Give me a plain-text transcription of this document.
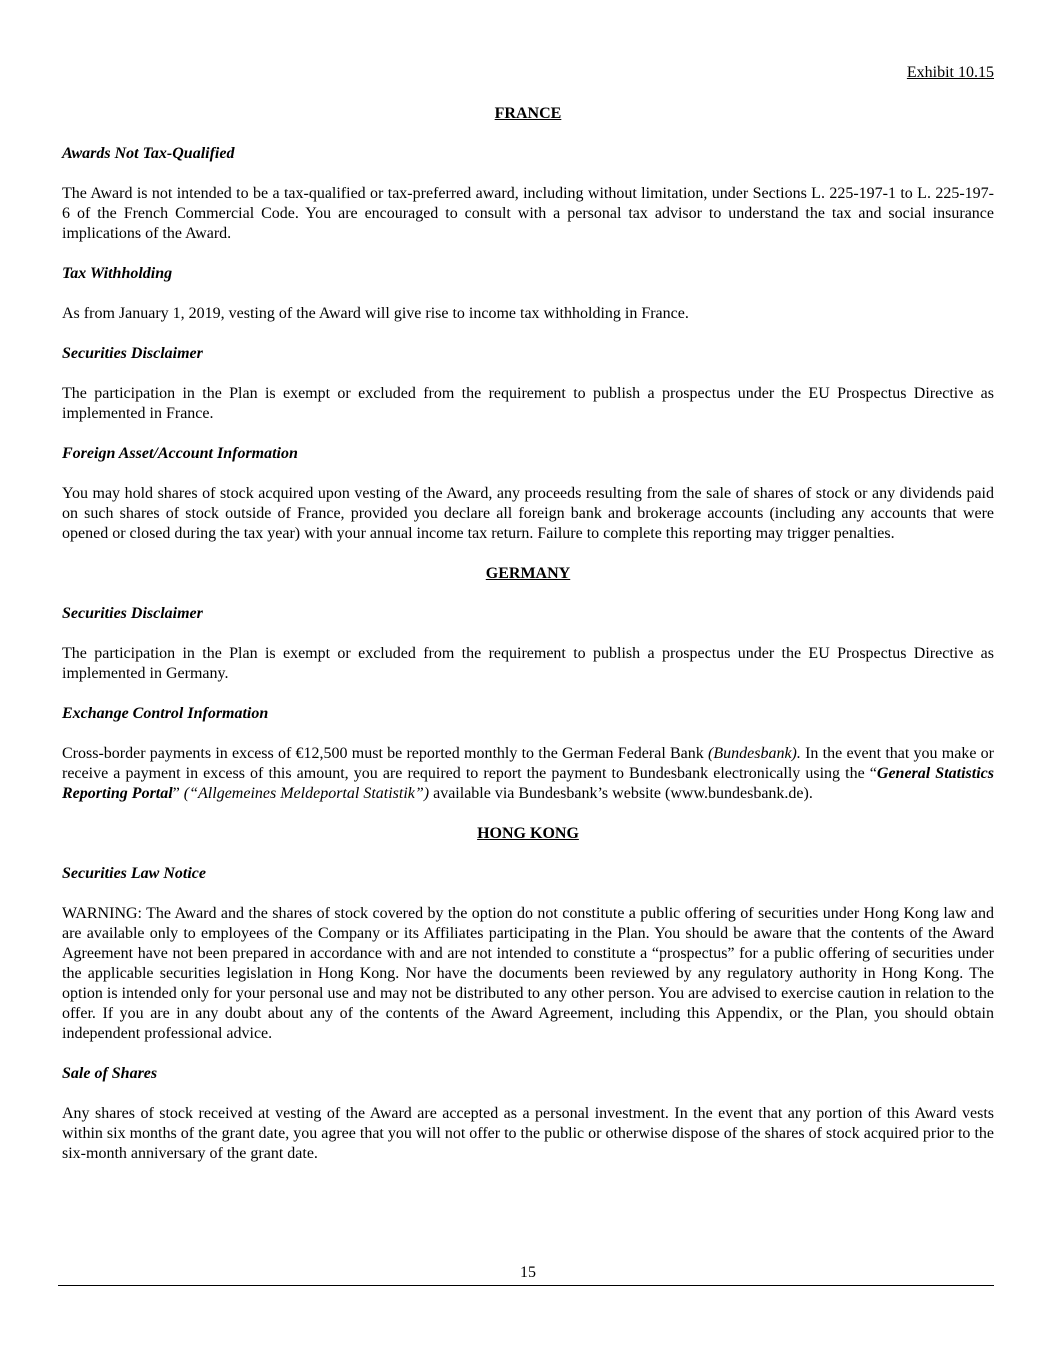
Exhibit 10.15
FRANCE
Awards Not Tax-Qualified

The Award is not intended to be a tax-qualified or tax-preferred award, including without limitation, under Sections L. 225-197-1 to L. 225-197-6 of the French Commercial Code. You are encouraged to consult with a personal tax advisor to understand the tax and social insurance implications of the Award.

Tax Withholding

As from January 1, 2019, vesting of the Award will give rise to income tax withholding in France.

Securities Disclaimer

The participation in the Plan is exempt or excluded from the requirement to publish a prospectus under the EU Prospectus Directive as implemented in France.

Foreign Asset/Account Information

You may hold shares of stock acquired upon vesting of the Award, any proceeds resulting from the sale of shares of stock or any dividends paid on such shares of stock outside of France, provided you declare all foreign bank and brokerage accounts (including any accounts that were opened or closed during the tax year) with your annual income tax return. Failure to complete this reporting may trigger penalties.

GERMANY
Securities Disclaimer

The participation in the Plan is exempt or excluded from the requirement to publish a prospectus under the EU Prospectus Directive as implemented in Germany.

Exchange Control Information

Cross-border payments in excess of €12,500 must be reported monthly to the German Federal Bank (Bundesbank). In the event that you make or receive a payment in excess of this amount, you are required to report the payment to Bundesbank electronically using the “General Statistics Reporting Portal” (“Allgemeines Meldeportal Statistik”) available via Bundesbank’s website (www.bundesbank.de).

HONG KONG
Securities Law Notice

WARNING: The Award and the shares of stock covered by the option do not constitute a public offering of securities under Hong Kong law and are available only to employees of the Company or its Affiliates participating in the Plan. You should be aware that the contents of the Award Agreement have not been prepared in accordance with and are not intended to constitute a “prospectus” for a public offering of securities under the applicable securities legislation in Hong Kong. Nor have the documents been reviewed by any regulatory authority in Hong Kong. The option is intended only for your personal use and may not be distributed to any other person. You are advised to exercise caution in relation to the offer. If you are in any doubt about any of the contents of the Award Agreement, including this Appendix, or the Plan, you should obtain independent professional advice.

Sale of Shares

Any shares of stock received at vesting of the Award are accepted as a personal investment. In the event that any portion of this Award vests within six months of the grant date, you agree that you will not offer to the public or otherwise dispose of the shares of stock acquired prior to the six-month anniversary of the grant date.

15
